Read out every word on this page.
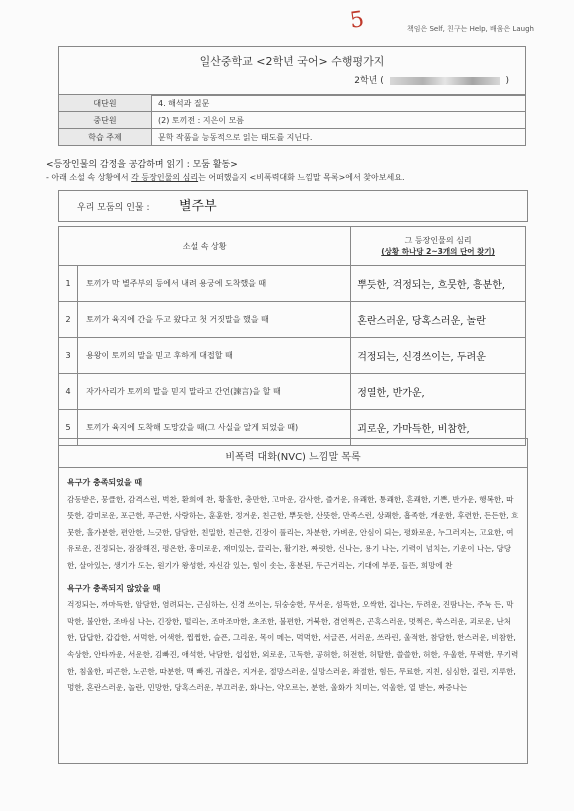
책임은 Self, 친구는 Help, 배움은 Laugh
5
일산중학교 <2학년 국어> 수행평가지
2학년 (	)
대단원	4. 해석과 질문
중단원	(2) 토끼전 : 지은이 모름
학습 주제	문학 작품을 능동적으로 읽는 태도를 지닌다.
<등장인물의 감정을 공감하며 읽기 : 모둠 활동>
- 아래 소설 속 상황에서 각 등장인물의 심리는 어떠했을지 <비폭력대화 느낌말 목록>에서 찾아보세요.
우리 모둠의 인물 : 별주부
소설 속 상황		그 등장인물의 심리
(상황 하나당 2~3개의 단어 찾기)

1	토끼가 막 별주부의 등에서 내려 용궁에 도착했을 때	뿌듯한, 걱정되는, 흐뭇한, 흥분한,
2	토끼가 육지에 간을 두고 왔다고 첫 거짓말을 했을 때	혼란스러운, 당혹스러운, 놀란
3	용왕이 토끼의 말을 믿고 후하게 대접할 때	걱정되는, 신경쓰이는, 두려운
4	자가사리가 토끼의 말을 믿지 말라고 간언(諫言)을 할 때	정열한, 반가운,
5	토끼가 육지에 도착해 도망갔을 때(그 사실을 알게 되었을 때)	괴로운, 가마득한, 비참한,
비폭력 대화(NVC) 느낌말 목록
욕구가 충족되었을 때

감동받은, 뭉클한, 감격스런, 벅찬, 환희에 찬, 황홀한, 충만한, 고마운, 감사한, 즐거운, 유쾌한, 통쾌한, 흔쾌한, 기쁜, 반가운, 행복한, 따뜻한, 감미로운, 포근한, 푸근한, 사랑하는, 훈훈한, 정겨운, 친근한, 뿌듯한, 산뜻한, 만족스런, 상쾌한, 흡족한, 개운한, 후련한, 든든한, 흐뭇한, 홀가분한, 편안한, 느긋한, 담담한, 친밀한, 친근한, 긴장이 풀리는, 차분한, 가벼운, 안심이 되는, 평화로운, 누그러지는, 고요한, 여유로운, 진정되는, 잠잠해진, 평온한, 흥미로운, 재미있는, 끌리는, 활기찬, 짜릿한, 신나는, 용기 나는, 기력이 넘치는, 기운이 나는, 당당한, 살아있는, 생기가 도는, 원기가 왕성한, 자신감 있는, 힘이 솟는, 흥분된, 두근거리는, 기대에 부푼, 들뜬, 희망에 찬

욕구가 충족되지 않았을 때

걱정되는, 까마득한, 암담한, 염려되는, 근심하는, 신경 쓰이는, 뒤숭숭한, 무서운, 섬뜩한, 오싹한, 겁나는, 두려운, 진땀나는, 주눅 든, 막막한, 불안한, 조바심 나는, 긴장한, 떨리는, 조마조마한, 초조한, 불편한, 거북한, 겸연쩍은, 곤혹스러운, 멋쩍은, 쑥스러운, 괴로운, 난처한, 답답한, 갑갑한, 서먹한, 어색한, 찝찝한, 슬픈, 그리운, 목이 메는, 먹먹한, 서글픈, 서러운, 쓰라린, 울적한, 참담한, 한스러운, 비참한, 속상한, 안타까운, 서운한, 김빠진, 애석한, 낙담한, 섭섭한, 외로운, 고독한, 공허한, 허전한, 허탈한, 쓸쓸한, 허한, 우울한, 무력한, 무기력한, 침울한, 피곤한, 노곤한, 따분한, 맥 빠진, 귀찮은, 지겨운, 절망스러운, 실망스러운, 좌절한, 힘든, 무료한, 지친, 심심한, 질린, 지루한, 멍한, 혼란스러운, 놀란, 민망한, 당혹스러운, 부끄러운, 화나는, 약오르는, 분한, 울화가 치미는, 억울한, 열 받는, 짜증나는
